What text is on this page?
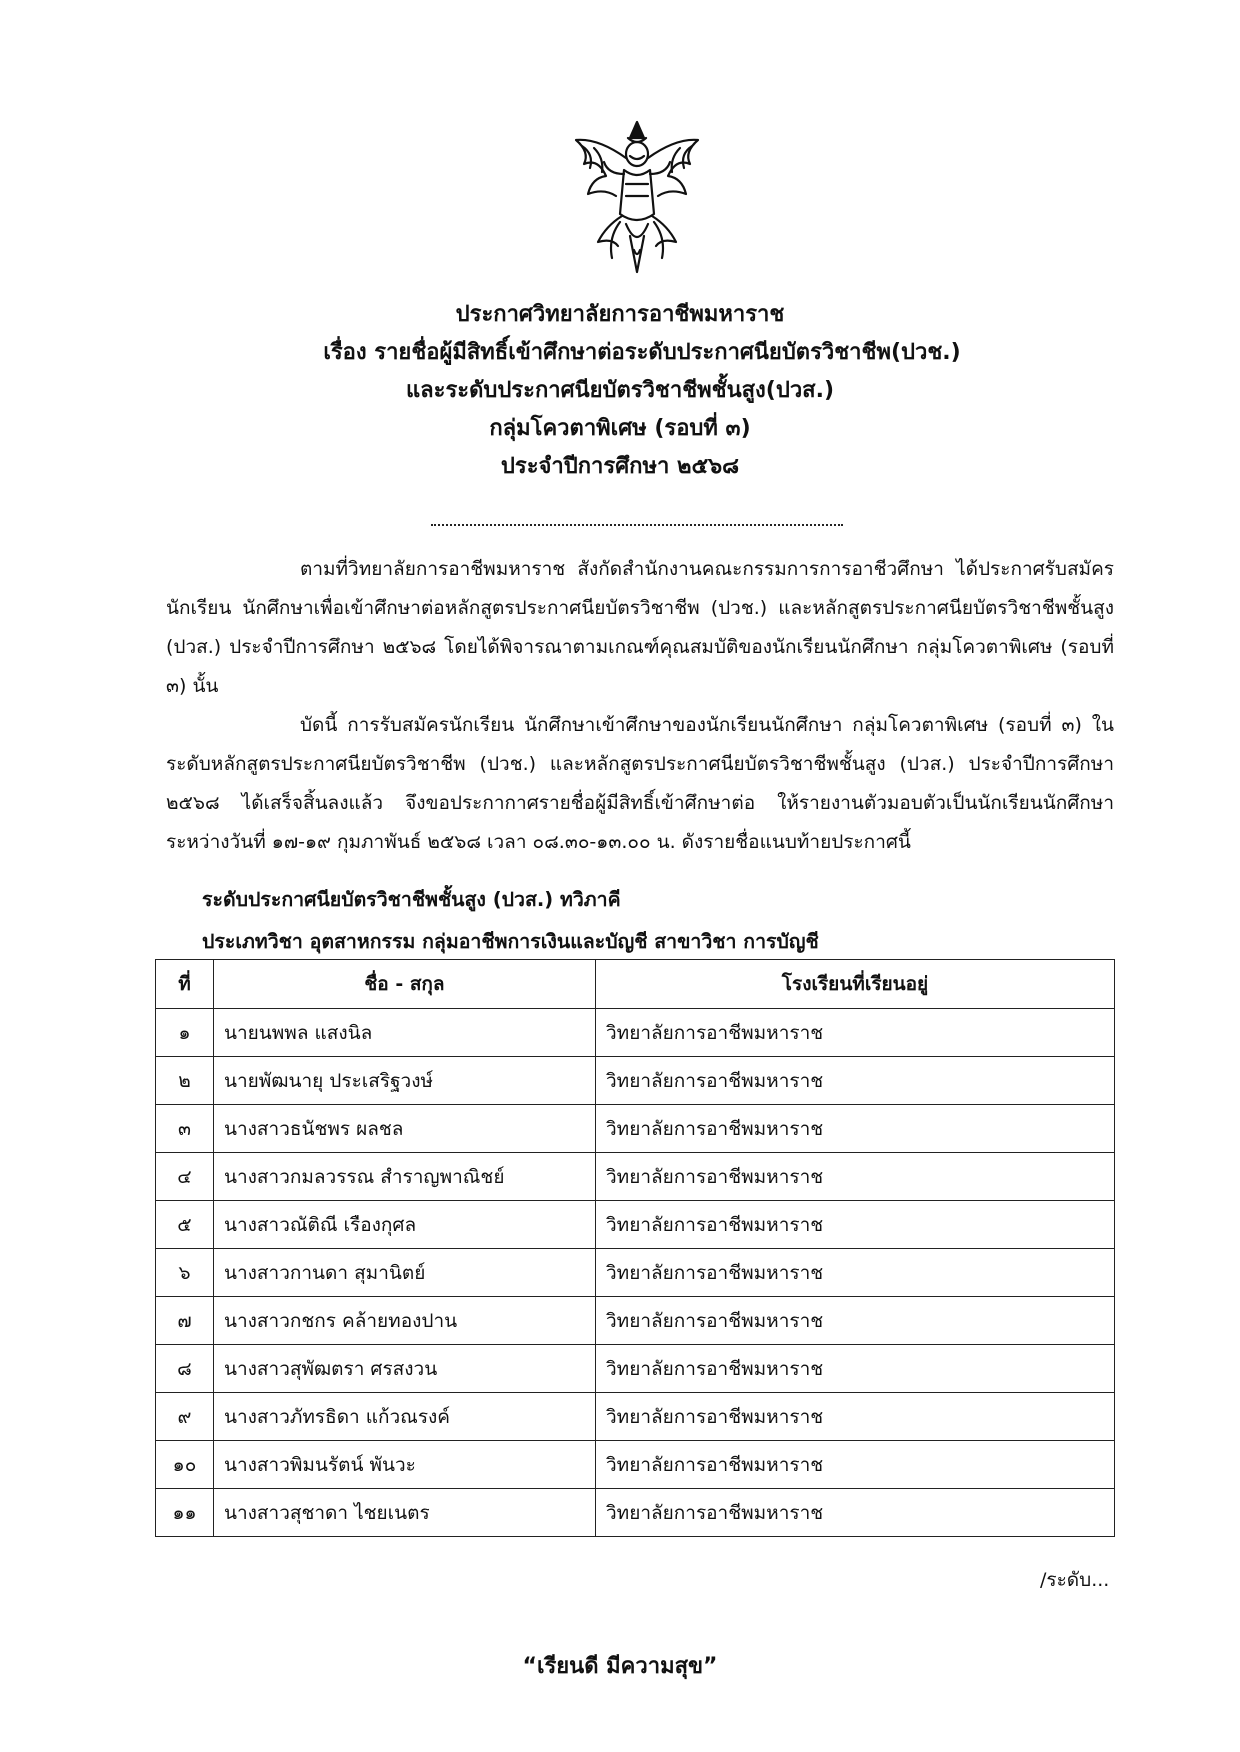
ประกาศวิทยาลัยการอาชีพมหาราช
เรื่อง รายชื่อผู้มีสิทธิ์เข้าศึกษาต่อระดับประกาศนียบัตรวิชาชีพ(ปวช.)
และระดับประกาศนียบัตรวิชาชีพชั้นสูง(ปวส.)
กลุ่มโควตาพิเศษ (รอบที่ ๓)
ประจำปีการศึกษา ๒๕๖๘

ตามที่วิทยาลัยการอาชีพมหาราช สังกัดสำนักงานคณะกรรมการการอาชีวศึกษา ได้ประกาศรับสมัครนักเรียน นักศึกษาเพื่อเข้าศึกษาต่อหลักสูตรประกาศนียบัตรวิชาชีพ (ปวช.) และหลักสูตรประกาศนียบัตรวิชาชีพชั้นสูง (ปวส.) ประจำปีการศึกษา ๒๕๖๘ โดยได้พิจารณาตามเกณฑ์คุณสมบัติของนักเรียนนักศึกษา กลุ่มโควตาพิเศษ (รอบที่ ๓) นั้น

บัดนี้ การรับสมัครนักเรียน นักศึกษาเข้าศึกษาของนักเรียนนักศึกษา กลุ่มโควตาพิเศษ (รอบที่ ๓) ในระดับหลักสูตรประกาศนียบัตรวิชาชีพ (ปวช.) และหลักสูตรประกาศนียบัตรวิชาชีพชั้นสูง (ปวส.) ประจำปีการศึกษา ๒๕๖๘ ได้เสร็จสิ้นลงแล้ว จึงขอประกากาศรายชื่อผู้มีสิทธิ์เข้าศึกษาต่อ ให้รายงานตัวมอบตัวเป็นนักเรียนนักศึกษา ระหว่างวันที่ ๑๗-๑๙ กุมภาพันธ์ ๒๕๖๘ เวลา ๐๘.๓๐-๑๓.๐๐ น. ดังรายชื่อแนบท้ายประกาศนี้

ระดับประกาศนียบัตรวิชาชีพชั้นสูง (ปวส.) ทวิภาคี
ประเภทวิชา อุตสาหกรรม กลุ่มอาชีพการเงินและบัญชี สาขาวิชา การบัญชี
ที่	ชื่อ - สกุล	โรงเรียนที่เรียนอยู่
๑	นายนพพล แสงนิล	วิทยาลัยการอาชีพมหาราช
๒	นายพัฒนายุ ประเสริฐวงษ์	วิทยาลัยการอาชีพมหาราช
๓	นางสาวธนัชพร ผลชล	วิทยาลัยการอาชีพมหาราช
๔	นางสาวกมลวรรณ สำราญพาณิชย์	วิทยาลัยการอาชีพมหาราช
๕	นางสาวณัติณี เรืองกุศล	วิทยาลัยการอาชีพมหาราช
๖	นางสาวกานดา สุมานิตย์	วิทยาลัยการอาชีพมหาราช
๗	นางสาวกชกร คล้ายทองปาน	วิทยาลัยการอาชีพมหาราช
๘	นางสาวสุพัฒตรา ศรสงวน	วิทยาลัยการอาชีพมหาราช
๙	นางสาวภัทรธิดา แก้วณรงค์	วิทยาลัยการอาชีพมหาราช
๑๐	นางสาวพิมนรัตน์ พันวะ	วิทยาลัยการอาชีพมหาราช
๑๑	นางสาวสุชาดา ไชยเนตร	วิทยาลัยการอาชีพมหาราช
/ระดับ...
“เรียนดี มีความสุข”
